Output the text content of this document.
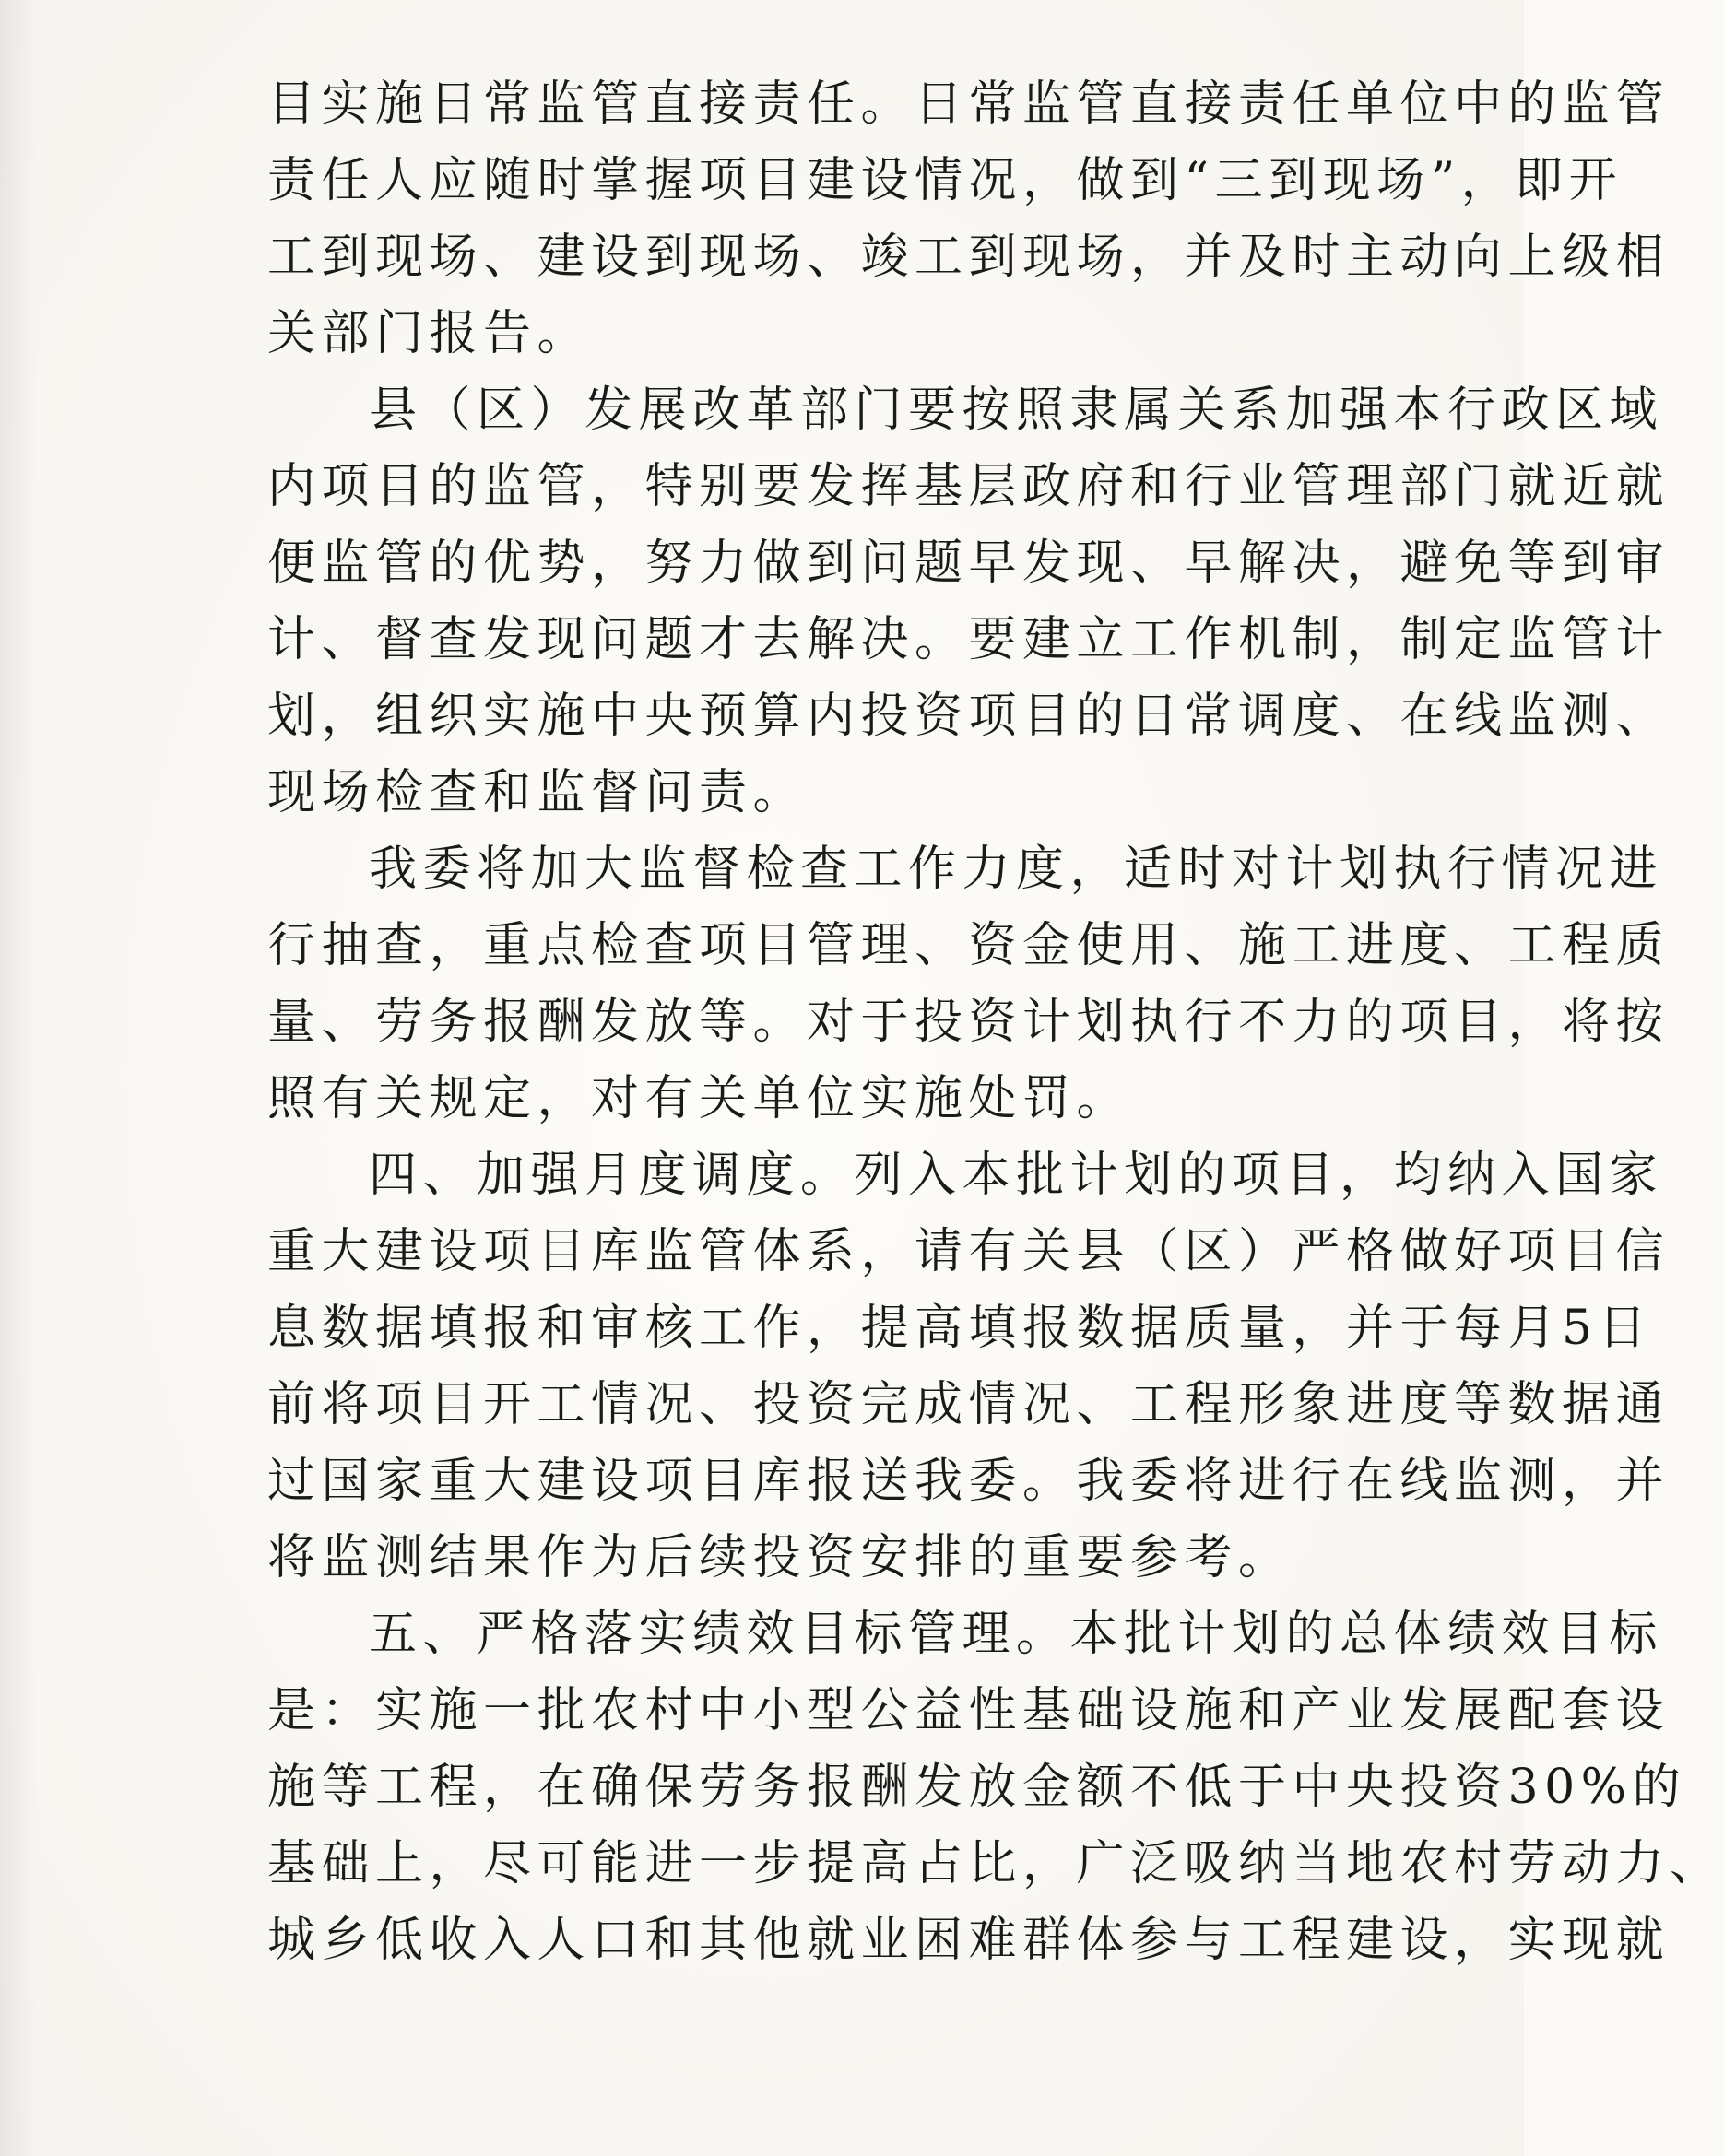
目实施日常监管直接责任。日常监管直接责任单位中的监管
责任人应随时掌握项目建设情况，做到“三到现场”，即开
工到现场、建设到现场、竣工到现场，并及时主动向上级相
关部门报告。
县（区）发展改革部门要按照隶属关系加强本行政区域
内项目的监管，特别要发挥基层政府和行业管理部门就近就
便监管的优势，努力做到问题早发现、早解决，避免等到审
计、督查发现问题才去解决。要建立工作机制，制定监管计
划，组织实施中央预算内投资项目的日常调度、在线监测、
现场检查和监督问责。
我委将加大监督检查工作力度，适时对计划执行情况进
行抽查，重点检查项目管理、资金使用、施工进度、工程质
量、劳务报酬发放等。对于投资计划执行不力的项目，将按
照有关规定，对有关单位实施处罚。
四、加强月度调度。列入本批计划的项目，均纳入国家
重大建设项目库监管体系，请有关县（区）严格做好项目信
息数据填报和审核工作，提高填报数据质量，并于每月5日
前将项目开工情况、投资完成情况、工程形象进度等数据通
过国家重大建设项目库报送我委。我委将进行在线监测，并
将监测结果作为后续投资安排的重要参考。
五、严格落实绩效目标管理。本批计划的总体绩效目标
是：实施一批农村中小型公益性基础设施和产业发展配套设
施等工程，在确保劳务报酬发放金额不低于中央投资30%的
基础上，尽可能进一步提高占比，广泛吸纳当地农村劳动力、
城乡低收入人口和其他就业困难群体参与工程建设，实现就
